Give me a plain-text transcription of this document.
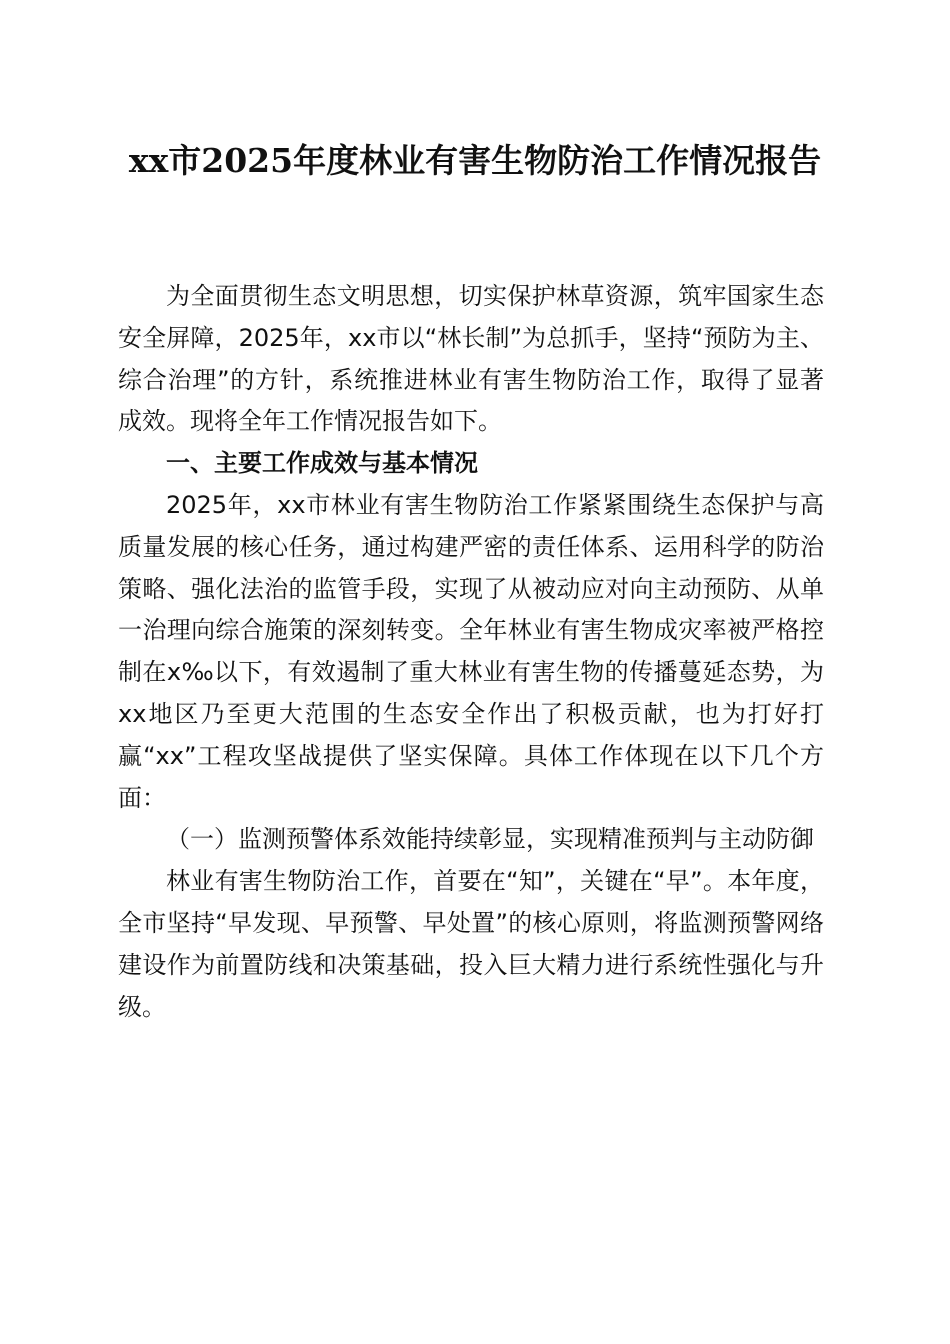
xx市2025年度林业有害生物防治工作情况报告

为全面贯彻生态文明思想，切实保护林草资源，筑牢国家生态安全屏障，2025年，xx市以“林长制”为总抓手，坚持“预防为主、综合治理”的方针，系统推进林业有害生物防治工作，取得了显著成效。现将全年工作情况报告如下。

一、主要工作成效与基本情况

2025年，xx市林业有害生物防治工作紧紧围绕生态保护与高质量发展的核心任务，通过构建严密的责任体系、运用科学的防治策略、强化法治的监管手段，实现了从被动应对向主动预防、从单一治理向综合施策的深刻转变。全年林业有害生物成灾率被严格控制在x‰以下，有效遏制了重大林业有害生物的传播蔓延态势，为xx地区乃至更大范围的生态安全作出了积极贡献，也为打好打赢“xx”工程攻坚战提供了坚实保障。具体工作体现在以下几个方面：

（一）监测预警体系效能持续彰显，实现精准预判与主动防御

林业有害生物防治工作，首要在“知”，关键在“早”。本年度，全市坚持“早发现、早预警、早处置”的核心原则，将监测预警网络建设作为前置防线和决策基础，投入巨大精力进行系统性强化与升级。
